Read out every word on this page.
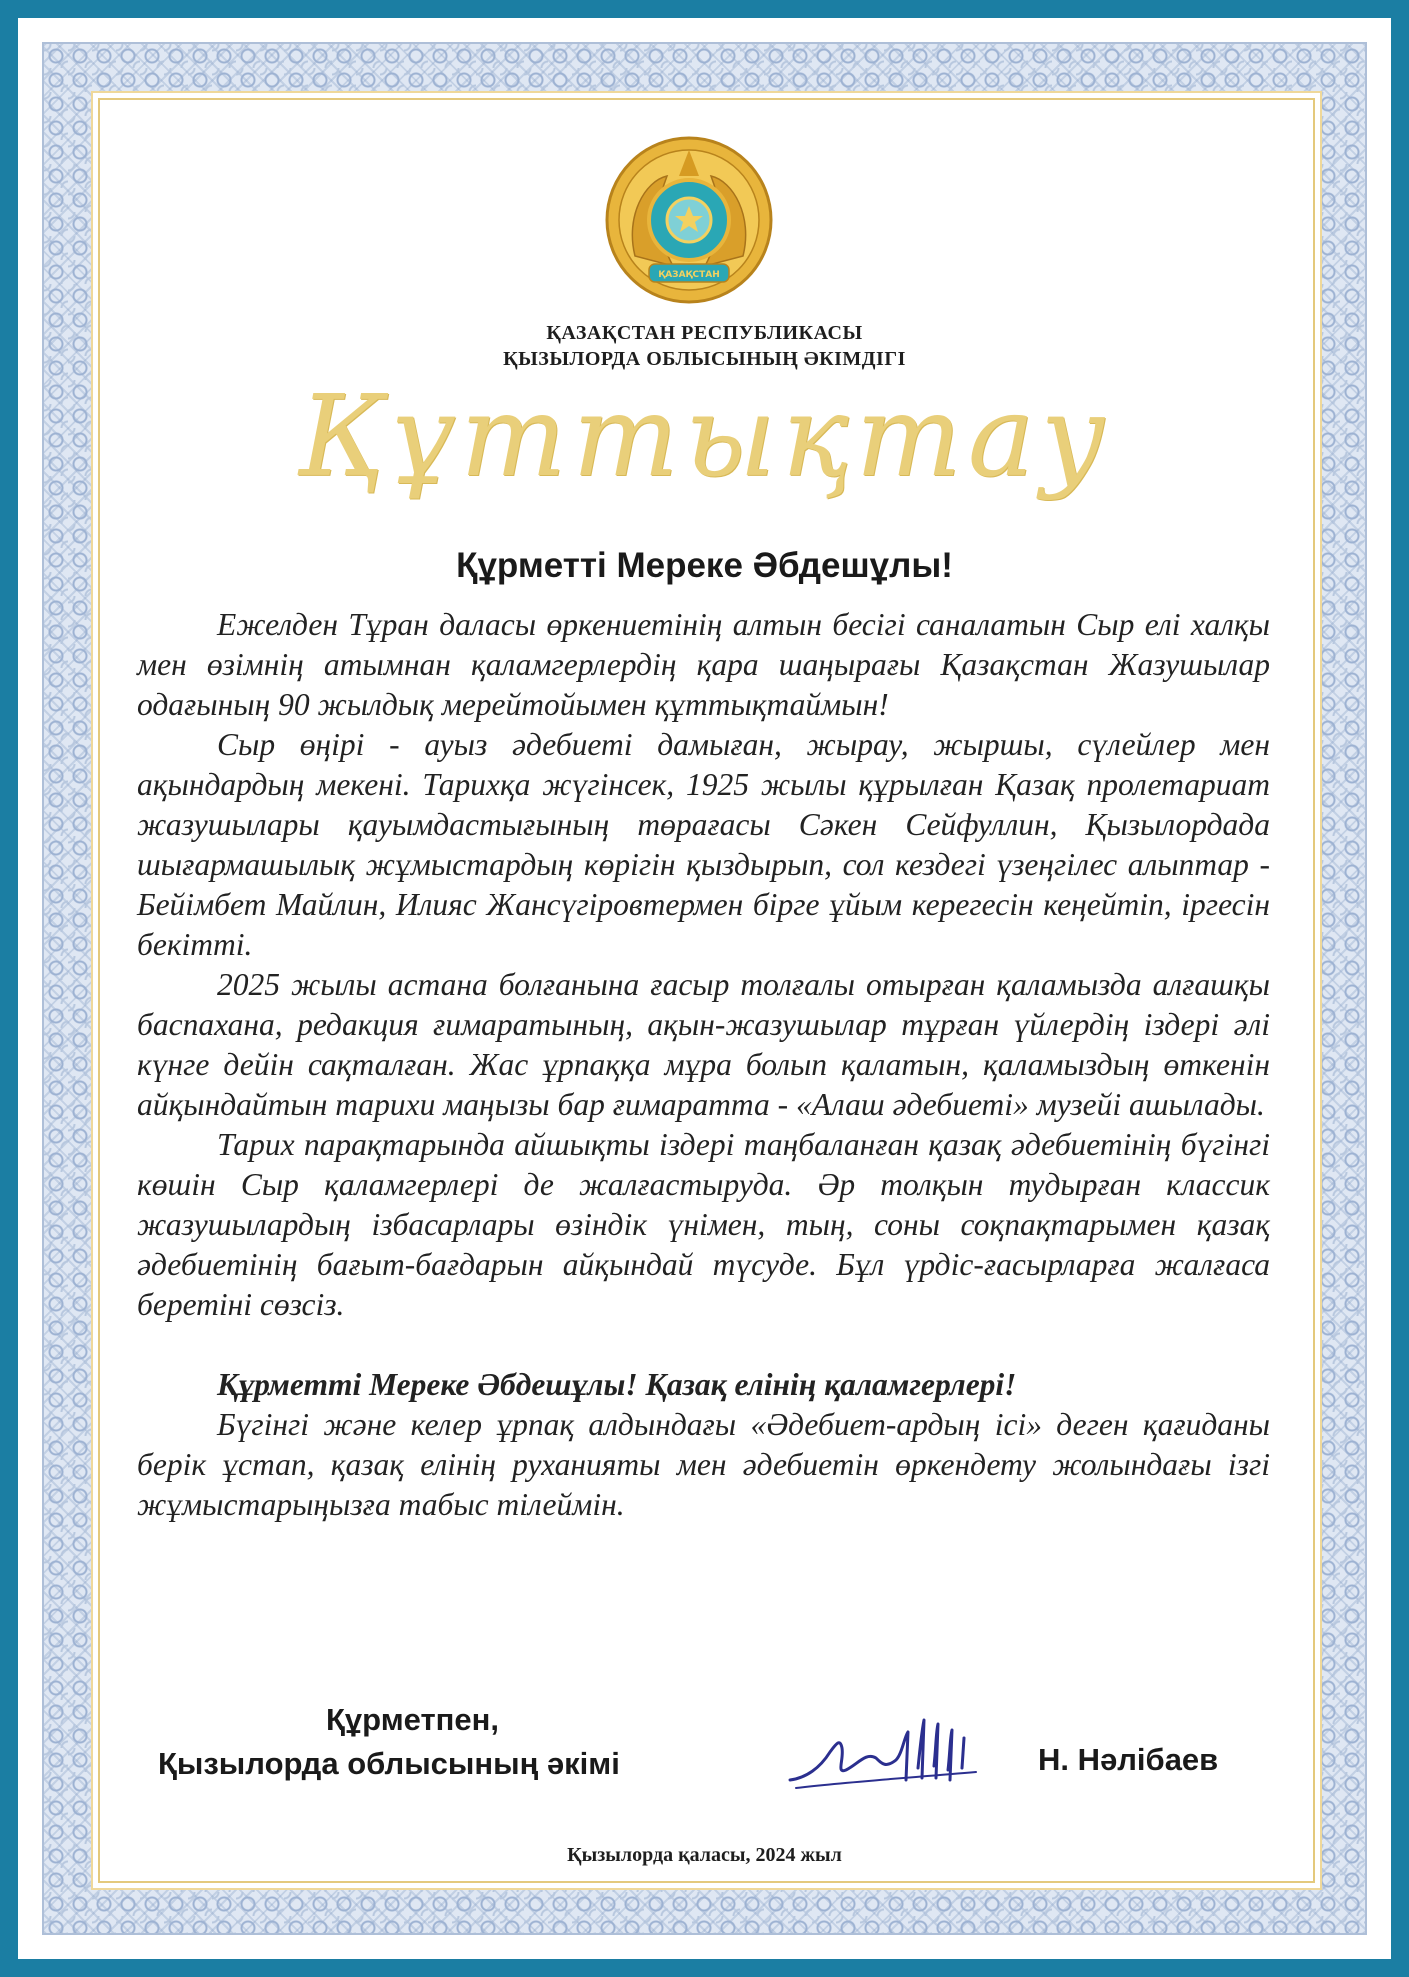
ҚАЗАҚСТАН
ҚАЗАҚСТАН РЕСПУБЛИКАСЫ
ҚЫЗЫЛОРДА ОБЛЫСЫНЫҢ ӘКІМДІГІ
Құттықтау
Құрметті Мереке Әбдешұлы!

Ежелден Тұран даласы өркениетінің алтын бесігі саналатын Сыр елі халқы мен өзімнің атымнан қаламгерлердің қара шаңырағы Қазақстан Жазушылар одағының 90 жылдық мерейтойымен құттықтаймын!

Сыр өңірі - ауыз әдебиеті дамыған, жырау, жыршы, сүлейлер мен ақындардың мекені. Тарихқа жүгінсек, 1925 жылы құрылған Қазақ пролетариат жазушылары қауымдастығының төрағасы Сәкен Сейфуллин, Қызылордада шығармашылық жұмыстардың көрігін қыздырып, сол кездегі үзеңгілес алыптар - Бейімбет Майлин, Илияс Жансүгіровтермен бірге ұйым керегесін кеңейтіп, іргесін бекітті.

2025 жылы астана болғанына ғасыр толғалы отырған қаламызда алғашқы баспахана, редакция ғимаратының, ақын-жазушылар тұрған үйлердің іздері әлі күнге дейін сақталған. Жас ұрпаққа мұра болып қалатын, қаламыздың өткенін айқындайтын тарихи маңызы бар ғимаратта - «Алаш әдебиеті» музейі ашылады.

Тарих парақтарында айшықты іздері таңбаланған қазақ әдебиетінің бүгінгі көшін Сыр қаламгерлері де жалғастыруда. Әр толқын тудырған классик жазушылардың ізбасарлары өзіндік үнімен, тың, соны соқпақтарымен қазақ әдебиетінің бағыт-бағдарын айқындай түсуде. Бұл үрдіс-ғасырларға жалғаса беретіні сөзсіз.

Құрметті Мереке Әбдешұлы! Қазақ елінің қаламгерлері!

Бүгінгі және келер ұрпақ алдындағы «Әдебиет-ардың ісі» деген қағиданы берік ұстап, қазақ елінің руханияты мен әдебиетін өркендету жолындағы ізгі жұмыстарыңызға табыс тілеймін.

Құрметпен,
Қызылорда облысының әкімі	Н. Нәлібаев
Қызылорда қаласы, 2024 жыл
